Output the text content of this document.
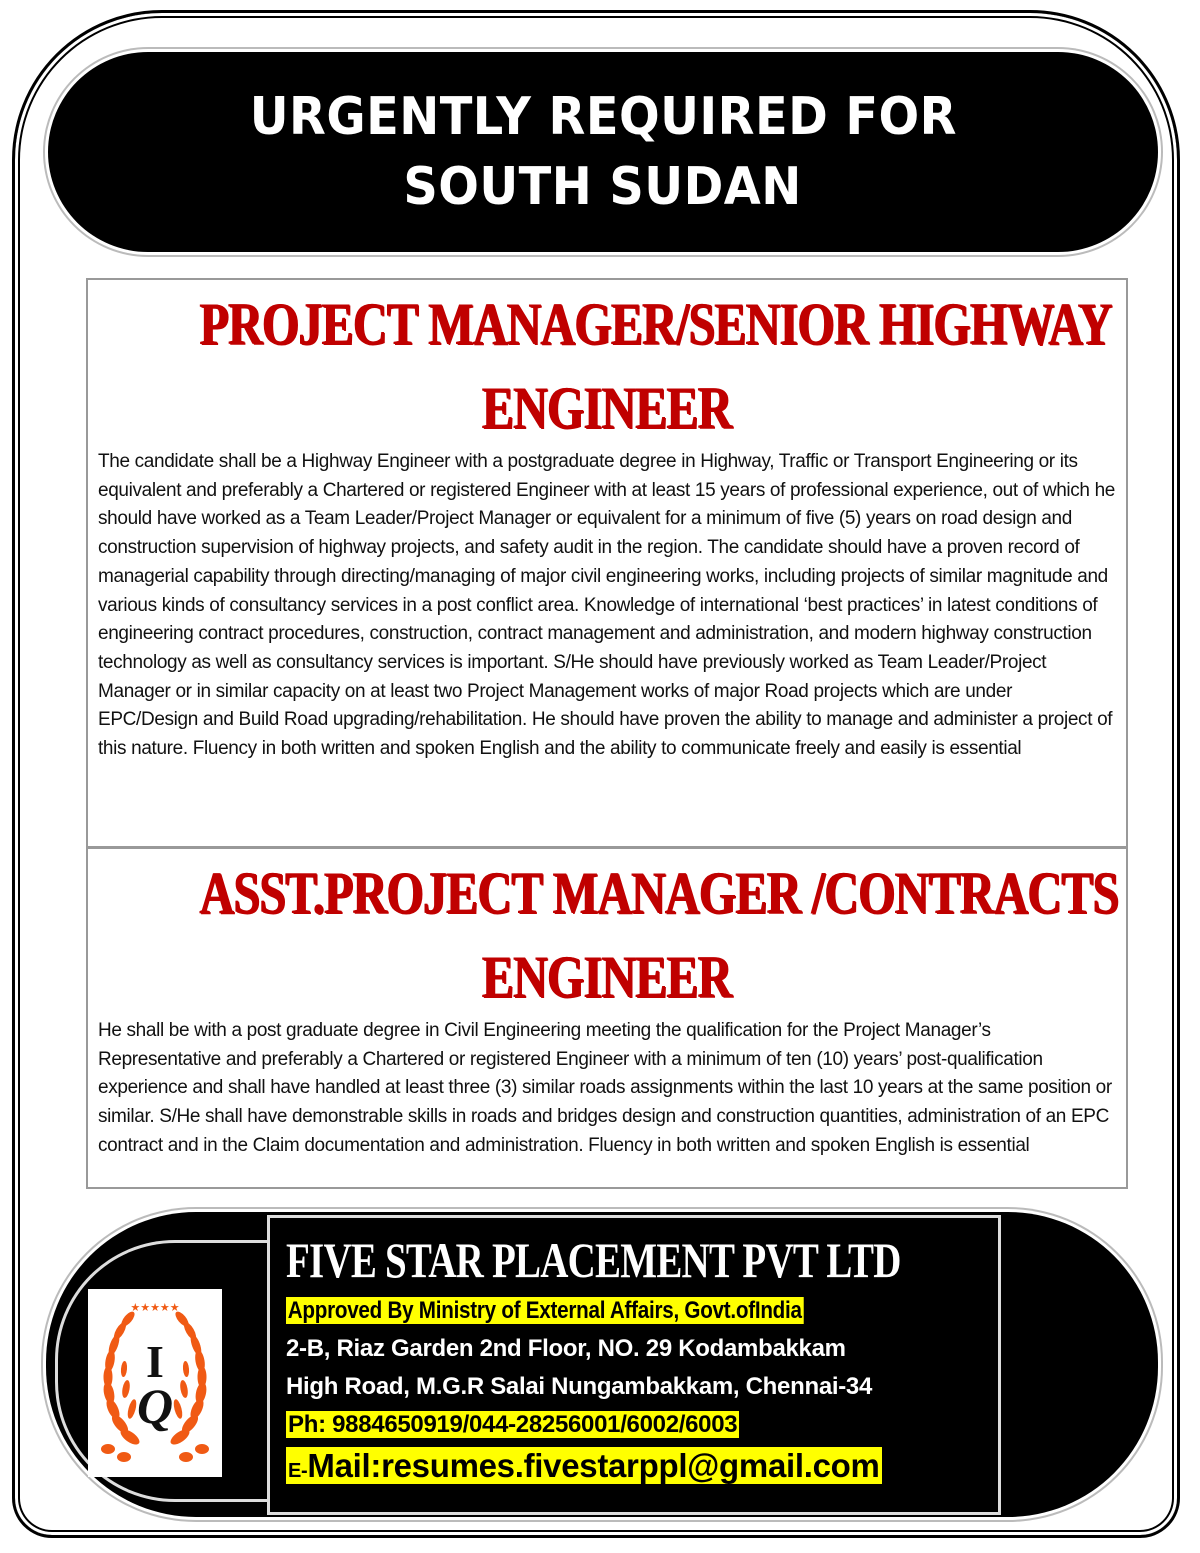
URGENTLY REQUIRED FOR
SOUTH SUDAN
PROJECT MANAGER/SENIOR HIGHWAY
ENGINEER
The candidate shall be a Highway Engineer with a postgraduate degree in Highway, Traffic or Transport Engineering or its equivalent and preferably a Chartered or registered Engineer with at least 15 years of professional experience, out of which he should have worked as a Team Leader/Project Manager or equivalent for a minimum of five (5) years on road design and construction supervision of highway projects, and safety audit in the region. The candidate should have a proven record of managerial capability through directing/managing of major civil engineering works, including projects of similar magnitude and various kinds of consultancy services in a post conflict area. Knowledge of international ‘best practices’ in latest conditions of engineering contract procedures, construction, contract management and administration, and modern highway construction technology as well as consultancy services is important. S/He should have previously worked as Team Leader/Project Manager or in similar capacity on at least two Project Management works of major Road projects which are under EPC/Design and Build Road upgrading/rehabilitation. He should have proven the ability to manage and administer a project of this nature. Fluency in both written and spoken English and the ability to communicate freely and easily is essential
ASST.PROJECT MANAGER /CONTRACTS
ENGINEER
He shall be with a post graduate degree in Civil Engineering meeting the qualification for the Project Manager’s Representative and preferably a Chartered or registered Engineer with a minimum of ten (10) years’ post-qualification experience and shall have handled at least three (3) similar roads assignments within the last 10 years at the same position or similar. S/He shall have demonstrable skills in roads and bridges design and construction quantities, administration of an EPC contract and in the Claim documentation and administration. Fluency in both written and spoken English is essential
★★★★★
I
Q
FIVE STAR PLACEMENT PVT LTD
Approved By Ministry of External Affairs, Govt.ofIndia
2-B, Riaz Garden 2nd Floor, NO. 29 Kodambakkam
High Road, M.G.R Salai Nungambakkam, Chennai-34
Ph: 9884650919/044-28256001/6002/6003
E-Mail:resumes.fivestarppl@gmail.com
